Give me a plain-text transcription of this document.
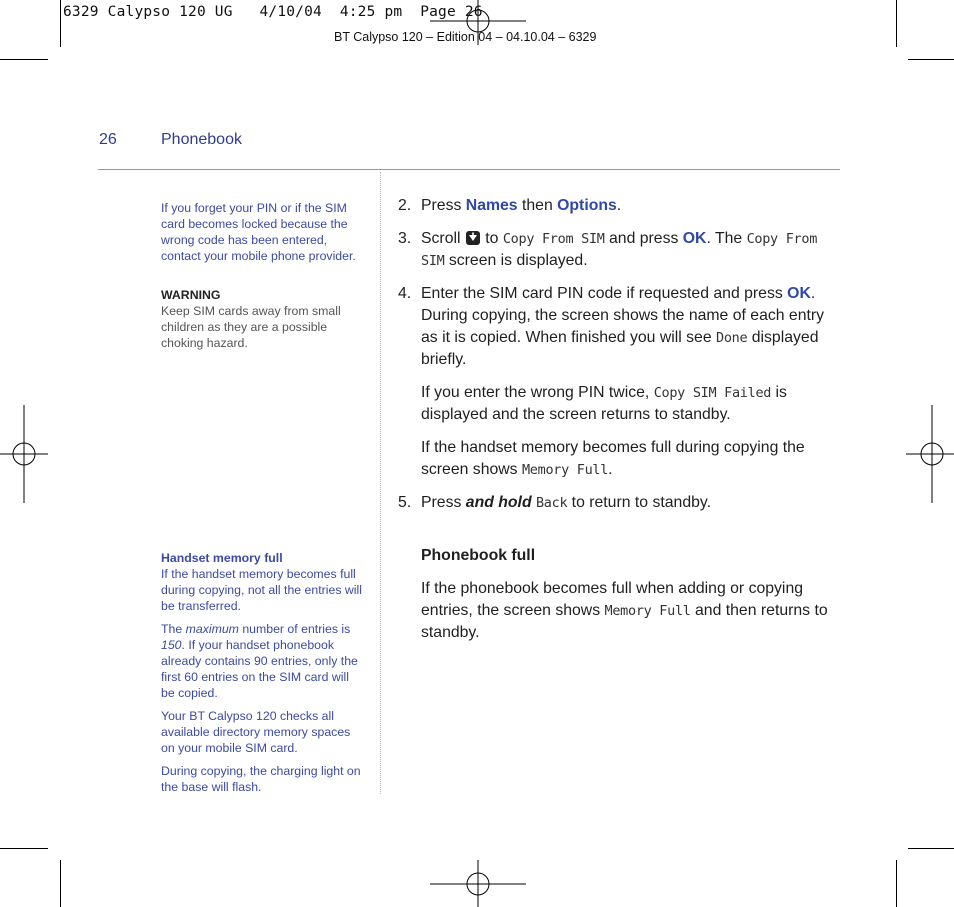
6329 Calypso 120 UG   4/10/04  4:25 pm  Page 26
BT Calypso 120 – Edition 04 – 04.10.04 – 6329
26	Phonebook

If you forget your PIN or if the SIM card becomes locked because the wrong code has been entered, contact your mobile phone provider.

WARNING

Keep SIM cards away from small children as they are a possible choking hazard.

Handset memory full

If the handset memory becomes full during copying, not all the entries will be transferred.

The maximum number of entries is 150. If your handset phonebook already contains 90 entries, only the first 60 entries on the SIM card will be copied.

Your BT Calypso 120 checks all available directory memory spaces on your mobile SIM card.

During copying, the charging light on the base will flash.

2. Press Names then Options.
3. Scroll  to Copy From SIM and press OK. The Copy From SIM screen is displayed.
4. Enter the SIM card PIN code if requested and press OK. During copying, the screen shows the name of each entry as it is copied. When finished you will see Done displayed briefly.
If you enter the wrong PIN twice, Copy SIM Failed is displayed and the screen returns to standby.
If the handset memory becomes full during copying the screen shows Memory Full.
5. Press and hold Back to return to standby.
Phonebook full
If the phonebook becomes full when adding or copying entries, the screen shows Memory Full and then returns to standby.
